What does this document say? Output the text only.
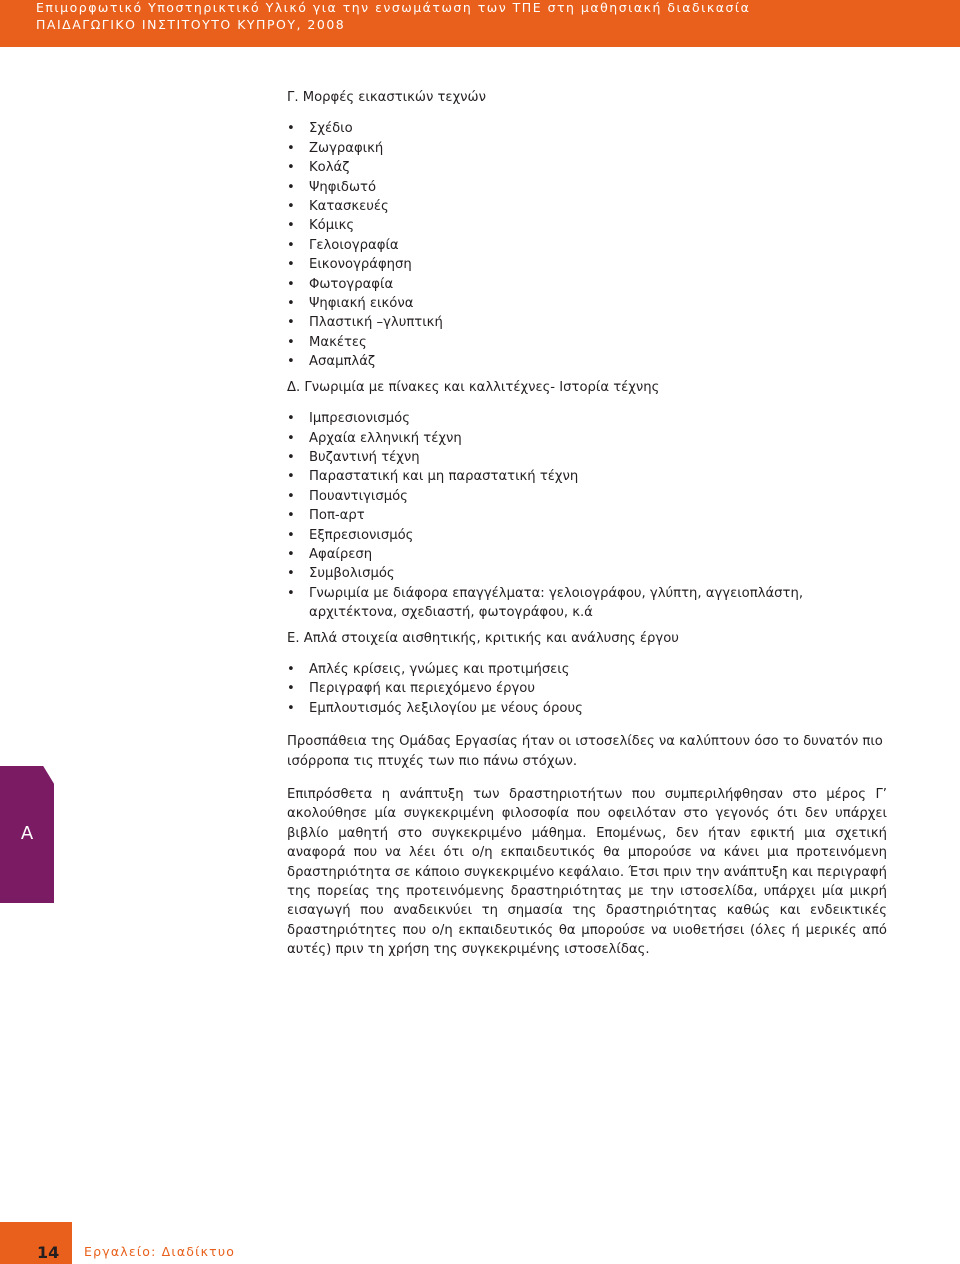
Επιμορφωτικό Υποστηρικτικό Υλικό για την ενσωμάτωση των ΤΠΕ στη μαθησιακή διαδικασία

ΠΑΙΔΑΓΩΓΙΚΟ ΙΝΣΤΙΤΟΥΤΟ ΚΥΠΡΟΥ, 2008

Γ. Μορφές εικαστικών τεχνών

• Σχέδιο
• Ζωγραφική
• Κολάζ
• Ψηφιδωτό
• Κατασκευές
• Κόμικς
• Γελοιογραφία
• Εικονογράφηση
• Φωτογραφία
• Ψηφιακή εικόνα
• Πλαστική –γλυπτική
• Μακέτες
• Ασαμπλάζ

Δ. Γνωριμία με πίνακες και καλλιτέχνες- Ιστορία τέχνης

• Ιμπρεσιονισμός
• Αρχαία ελληνική τέχνη
• Βυζαντινή τέχνη
• Παραστατική και μη παραστατική τέχνη
• Πουαντιγισμός
• Ποπ-αρτ
• Εξπρεσιονισμός
• Αφαίρεση
• Συμβολισμός
• Γνωριμία με διάφορα επαγγέλματα: γελοιογράφου, γλύπτη, αγγειοπλάστη, αρχιτέκτονα, σχεδιαστή, φωτογράφου, κ.ά

Ε. Απλά στοιχεία αισθητικής, κριτικής και ανάλυσης έργου

• Απλές κρίσεις, γνώμες και προτιμήσεις
• Περιγραφή και περιεχόμενο έργου
• Εμπλουτισμός λεξιλογίου με νέους όρους

Προσπάθεια της Ομάδας Εργασίας ήταν οι ιστοσελίδες να καλύπτουν όσο το δυνατόν πιο ισόρροπα τις πτυχές των πιο πάνω στόχων.

Επιπρόσθετα η ανάπτυξη των δραστηριοτήτων που συμπεριλήφθησαν στο μέρος Γ’ ακολούθησε μία συγκεκριμένη φιλοσοφία που οφειλόταν στο γεγονός ότι δεν υπάρχει βιβλίο μαθητή στο συγκεκριμένο μάθημα. Επομένως, δεν ήταν εφικτή μια σχετική αναφορά που να λέει ότι ο/η εκπαιδευτικός θα μπορούσε να κάνει μια προτεινόμενη δραστηριότητα σε κάποιο συγκεκριμένο κεφάλαιο. Έτσι πριν την ανάπτυξη και περιγραφή της πορείας της προτεινόμενης δραστηριότητας με την ιστοσελίδα, υπάρχει μία μικρή εισαγωγή που αναδεικνύει τη σημασία της δραστηριότητας καθώς και ενδεικτικές δραστηριότητες που ο/η εκπαιδευτικός θα μπορούσε να υιοθετήσει (όλες ή μερικές από αυτές) πριν τη χρήση της συγκεκριμένης ιστοσελίδας.

Α
14 Εργαλείο: Διαδίκτυο
